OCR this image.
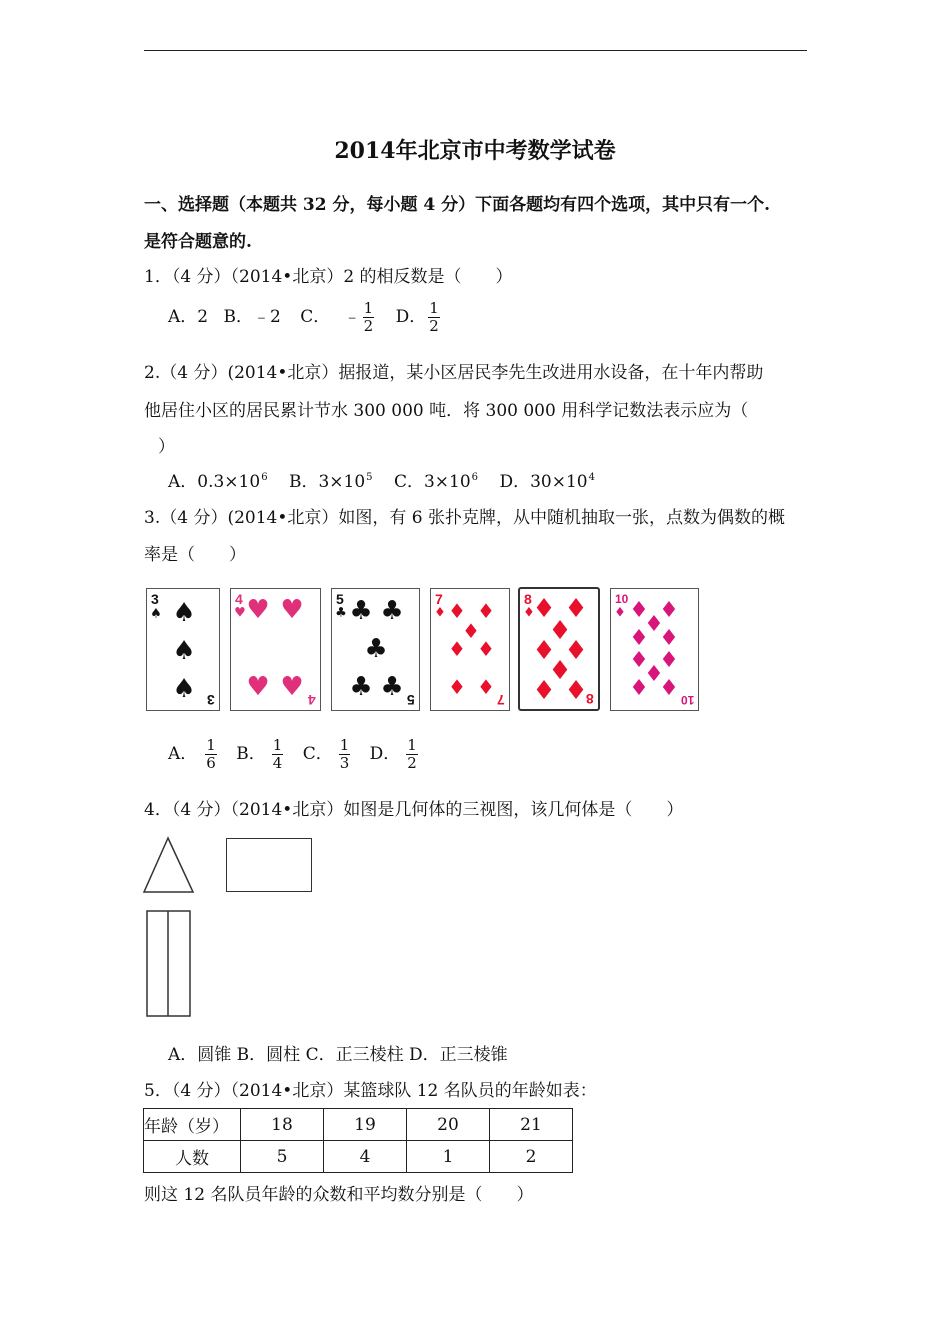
2014年北京市中考数学试卷
一、选择题（本题共 32 分，每小题 4 分）下面各题均有四个选项，其中只有一个.
是符合题意的.
1．（4 分）（2014•北京）2 的相反数是（　　）
A．2 B．﹣2 C． ﹣ $\frac{1}{2}$ D． $\frac{1}{2}$
2.（4 分）(2014•北京）据报道，某小区居民李先生改进用水设备，在十年内帮助
他居住小区的居民累计节水 300 000 吨．将 300 000 用科学记数法表示应为（
）
A．$0.3\times 10^6$ B．$3\times 10^5$ C．$3\times 10^6$ D．$30\times 10^4$
3.（4 分）(2014•北京）如图，有 6 张扑克牌，从中随机抽取一张，点数为偶数的概
率是（　　）
3
♠ ♠
♠
♠ 3
4
♥ ♥ ♥
♥ ♥ 4
5
♣ ♣ ♣
♣
♣ ♣ 5
7
♦ ♦ ♦
♦
♦ ♦
♦ ♦
7
8
♦
♦ ♦
♦
♦ ♦
♦
♦ ♦
8
10
♦ ♦ ♦
♦
♦ ♦
♦ ♦
♦
♦ ♦ 10
A． $\frac{1}{6}$ B． $\frac{1}{4}$ C． $\frac{1}{3}$ D． $\frac{1}{2}$
4．（4 分）（2014•北京）如图是几何体的三视图，该几何体是（　　）
A．圆锥 B．圆柱 C．正三棱柱 D．正三棱锥
5．（4 分）（2014•北京）某篮球队 12 名队员的年龄如表：
年龄（岁）	18	19	20	21
人数	5	4	1	2
则这 12 名队员年龄的众数和平均数分别是（　　）
